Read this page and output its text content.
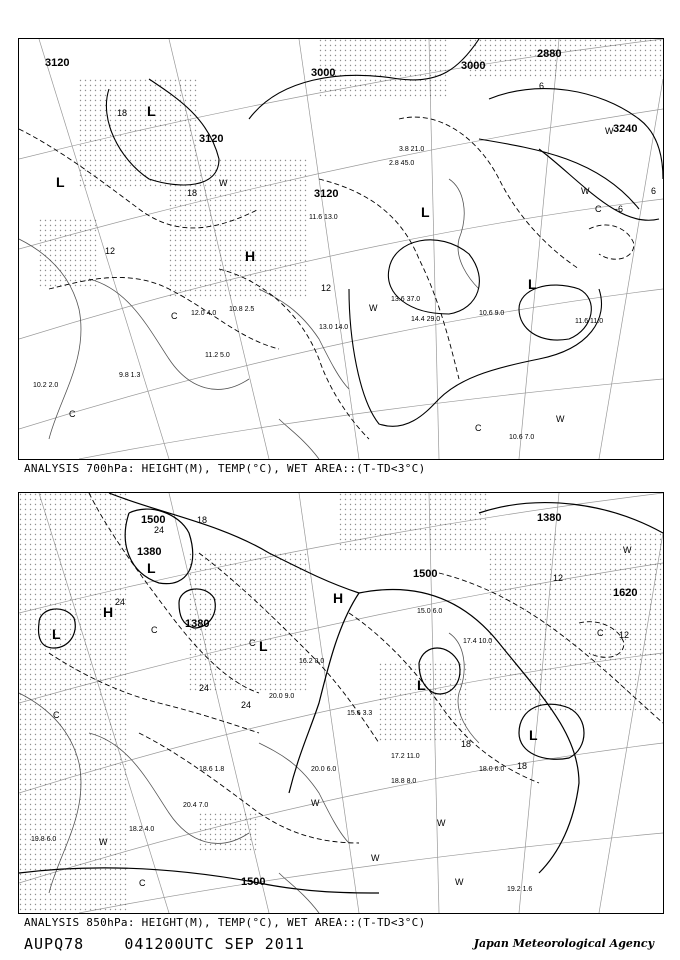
3120
3000
3000
2880
3240
3120
3120
18
18
12
12
6
-6
6
L
L
L
L
H
W
W
W
W
W
C
C
C
C
10.2 2.0
9.8 1.3
11.2 5.0
10.8 2.5
12.0 4.0
13.0 14.0
10.6 9.0
11.6 11.0
10.6 7.0
3.8 21.0
2.8 45.0
13.6 37.0
14.4 29.0
11.6 13.0
ANALYSIS 700hPa: HEIGHT(M), TEMP(°C), WET AREA::(T-TD<3°C)
1500
1500
1500
1380
1380
1380
1620
18
24
24
24
18
18
12
12
24
L
L
L
L
L
H
H
W
W
W
W
W
W
C
C
C
C
C
19.8 6.0
18.2 4.0
20.4 7.0
18.6 1.8	20.0 6.0	18.0 6.0
19.2 1.6
18.8 8.0
15.6 3.3
20.0 9.0
17.2 11.0
16.2 8.0
15.0 6.0
17.4 10.0
ANALYSIS 850hPa: HEIGHT(M), TEMP(°C), WET AREA::(T-TD<3°C)
AUPQ78	041200UTC SEP 2011	Japan Meteorological Agency
